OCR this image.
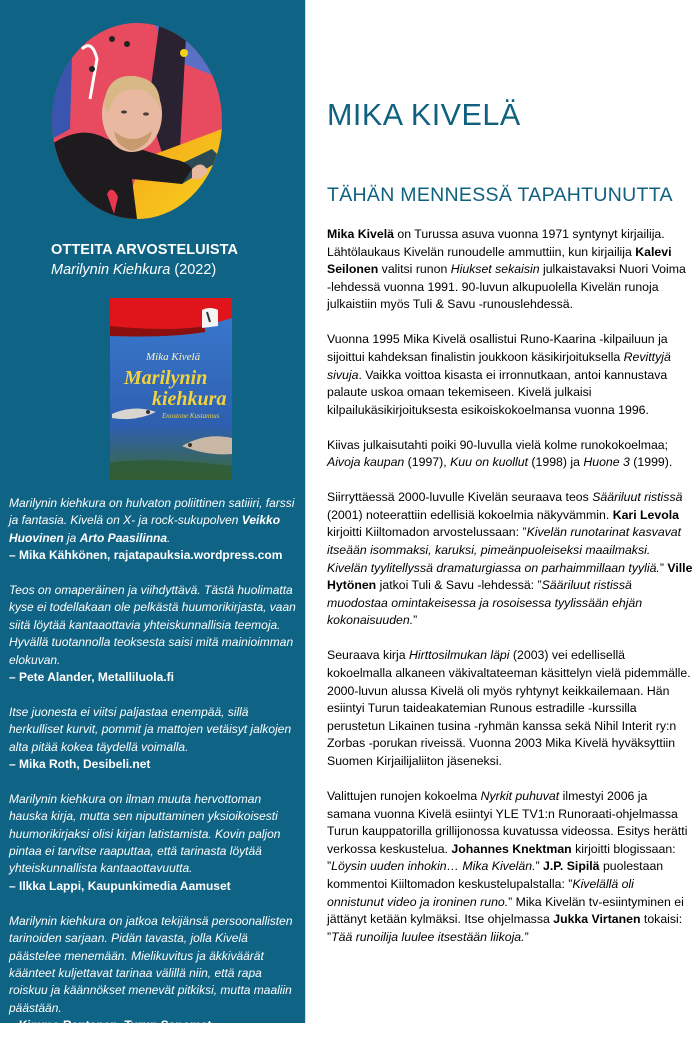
OTTEITA ARVOSTELUISTA
Marilynin Kiehkura (2022)
Mika Kivelä
Marilynin
kiehkura
Enostone Kustannus
Marilynin kiehkura on hulvaton poliittinen satiiiri, farssi ja fantasia. Kivelä on X- ja rock-sukupolven Veikko Huovinen ja Arto Paasilinna.
– Mika Kähkönen, rajatapauksia.wordpress.com
Teos on omaperäinen ja viihdyttävä. Tästä huolimatta kyse ei todellakaan ole pelkästä huumorikirjasta, vaan siitä löytää kantaaottavia yhteiskunnallisia teemoja. Hyvällä tuotannolla teoksesta saisi mitä mainioimman elokuvan.
– Pete Alander, Metalliluola.fi
Itse juonesta ei viitsi paljastaa enempää, sillä herkulliset kurvit, pommit ja mattojen vetäisyt jalkojen alta pitää kokea täydellä voimalla.
– Mika Roth, Desibeli.net
Marilynin kiehkura on ilman muuta hervottoman hauska kirja, mutta sen niputtaminen yksioikoisesti huumorikirjaksi olisi kirjan latistamista. Kovin paljon pintaa ei tarvitse raaputtaa, että tarinasta löytää yhteiskunnallista kantaaottavuutta.
– Ilkka Lappi, Kaupunkimedia Aamuset
Marilynin kiehkura on jatkoa tekijänsä persoonallisten tarinoiden sarjaan. Pidän tavasta, jolla Kivelä päästelee menemään. Mielikuvitus ja äkkiväärät käänteet kuljettavat tarinaa välillä niin, että rapa roiskuu ja käännökset menevät pitkiksi, mutta maaliin päästään.
– Kimmo Rantanen, Turun Sanomat
MIKA KIVELÄ
TÄHÄN MENNESSÄ TAPAHTUNUTTA

Mika Kivelä on Turussa asuva vuonna 1971 syntynyt kirjailija. Lähtölaukaus Kivelän runoudelle ammuttiin, kun kirjailija Kalevi Seilonen valitsi runon Hiukset sekaisin julkaistavaksi Nuori Voima -lehdessä vuonna 1991. 90-luvun alkupuolella Kivelän runoja julkaistiin myös Tuli & Savu -runouslehdessä.

Vuonna 1995 Mika Kivelä osallistui Runo-Kaarina -kilpailuun ja sijoittui kahdeksan finalistin joukkoon käsikirjoituksella Revittyjä sivuja. Vaikka voittoa kisasta ei irronnutkaan, antoi kannustava palaute uskoa omaan tekemiseen. Kivelä julkaisi kilpailukäsikirjoituksesta esikoiskokoelmansa vuonna 1996.

Kiivas julkaisutahti poiki 90-luvulla vielä kolme runokokoelmaa; Aivoja kaupan (1997), Kuu on kuollut (1998) ja Huone 3 (1999).

Siirryttäessä 2000-luvulle Kivelän seuraava teos Sääriluut ristissä (2001) noteerattiin edellisiä kokoelmia näkyvämmin. Kari Levola kirjoitti Kiiltomadon arvostelussaan: ”Kivelän runotarinat kasvavat itseään isommaksi, karuksi, pimeänpuoleiseksi maailmaksi. Kivelän tyylitellyssä dramaturgiassa on parhaimmillaan tyyliä.” Ville Hytönen jatkoi Tuli & Savu -lehdessä: ”Sääriluut ristissä muodostaa omintakeisessa ja rosoisessa tyylissään ehjän kokonaisuuden.”

Seuraava kirja Hirttosilmukan läpi (2003) vei edellisellä kokoelmalla alkaneen väkivaltateeman käsittelyn vielä pidemmälle. 2000-luvun alussa Kivelä oli myös ryhtynyt keikkailemaan. Hän esiintyi Turun taideakatemian Runous estradille -kurssilla perustetun Likainen tusina -ryhmän kanssa sekä Nihil Interit ry:n Zorbas -porukan riveissä. Vuonna 2003 Mika Kivelä hyväksyttiin Suomen Kirjailijaliiton jäseneksi.

Valittujen runojen kokoelma Nyrkit puhuvat ilmestyi 2006 ja samana vuonna Kivelä esiintyi YLE TV1:n Runoraati-ohjelmassa Turun kauppatorilla grillijonossa kuvatussa videossa. Esitys herätti verkossa keskustelua. Johannes Knektman kirjoitti blogissaan: ”Löysin uuden inhokin… Mika Kivelän.” J.P. Sipilä puolestaan kommentoi Kiiltomadon keskustelupalstalla: ”Kivelällä oli onnistunut video ja ironinen runo.” Mika Kivelän tv-esiintyminen ei jättänyt ketään kylmäksi. Itse ohjelmassa Jukka Virtanen tokaisi: ”Tää runoilija luulee itsestään liikoja.”
